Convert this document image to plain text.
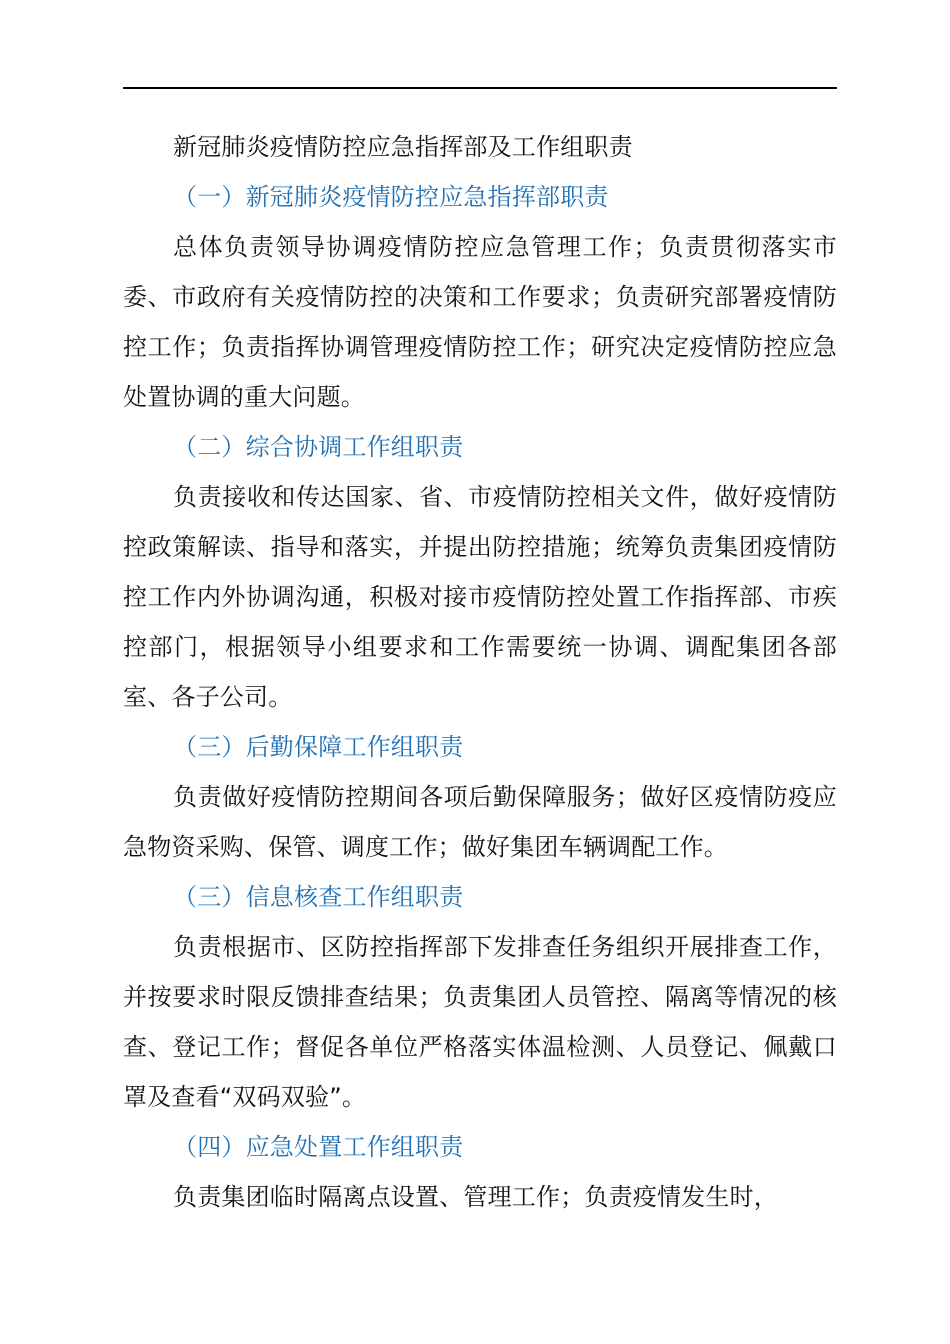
新冠肺炎疫情防控应急指挥部及工作组职责

（一）新冠肺炎疫情防控应急指挥部职责

总体负责领导协调疫情防控应急管理工作；负责贯彻落实市委、市政府有关疫情防控的决策和工作要求；负责研究部署疫情防控工作；负责指挥协调管理疫情防控工作；研究决定疫情防控应急处置协调的重大问题。

（二）综合协调工作组职责

负责接收和传达国家、省、市疫情防控相关文件，做好疫情防控政策解读、指导和落实，并提出防控措施；统筹负责集团疫情防控工作内外协调沟通，积极对接市疫情防控处置工作指挥部、市疾控部门，根据领导小组要求和工作需要统一协调、调配集团各部室、各子公司。

（三）后勤保障工作组职责

负责做好疫情防控期间各项后勤保障服务；做好区疫情防疫应急物资采购、保管、调度工作；做好集团车辆调配工作。

（三）信息核查工作组职责

负责根据市、区防控指挥部下发排查任务组织开展排查工作，并按要求时限反馈排查结果；负责集团人员管控、隔离等情况的核查、登记工作；督促各单位严格落实体温检测、人员登记、佩戴口罩及查看“双码双验”。

（四）应急处置工作组职责

负责集团临时隔离点设置、管理工作；负责疫情发生时，
